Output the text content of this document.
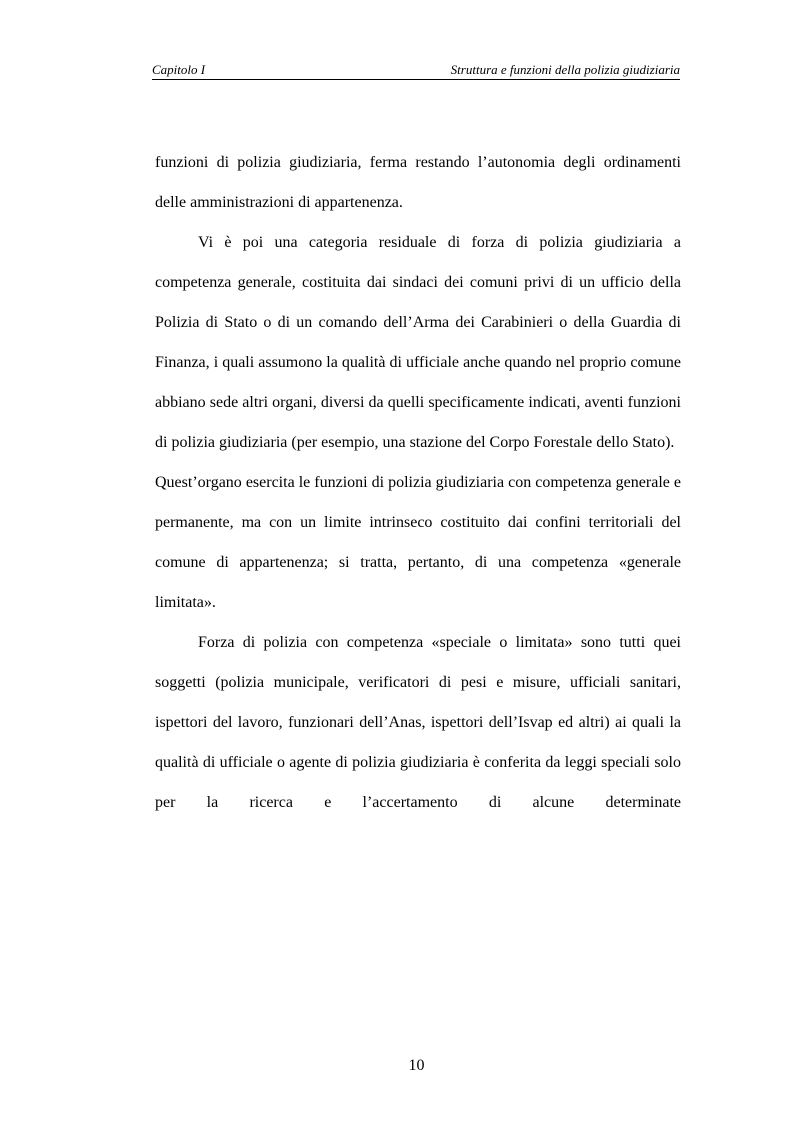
Capitolo I	Struttura e funzioni della polizia giudiziaria

funzioni di polizia giudiziaria, ferma restando l’autonomia degli ordinamenti delle amministrazioni di appartenenza.

Vi è poi una categoria residuale di forza di polizia giudiziaria a competenza generale, costituita dai sindaci dei comuni privi di un ufficio della Polizia di Stato o di un comando dell’Arma dei Carabinieri o della Guardia di Finanza, i quali assumono la qualità di ufficiale anche quando nel proprio comune abbiano sede altri organi, diversi da quelli specificamente indicati, aventi funzioni di polizia giudiziaria (per esempio, una stazione del Corpo Forestale dello Stato).

Quest’organo esercita le funzioni di polizia giudiziaria con competenza generale e permanente, ma con un limite intrinseco costituito dai confini territoriali del comune di appartenenza; si tratta, pertanto, di una competenza «generale limitata».

Forza di polizia con competenza «speciale o limitata» sono tutti quei soggetti (polizia municipale, verificatori di pesi e misure, ufficiali sanitari, ispettori del lavoro, funzionari dell’Anas, ispettori dell’Isvap ed altri) ai quali la qualità di ufficiale o agente di polizia giudiziaria è conferita da leggi speciali solo per la ricerca e l’accertamento di alcune determinate

10
